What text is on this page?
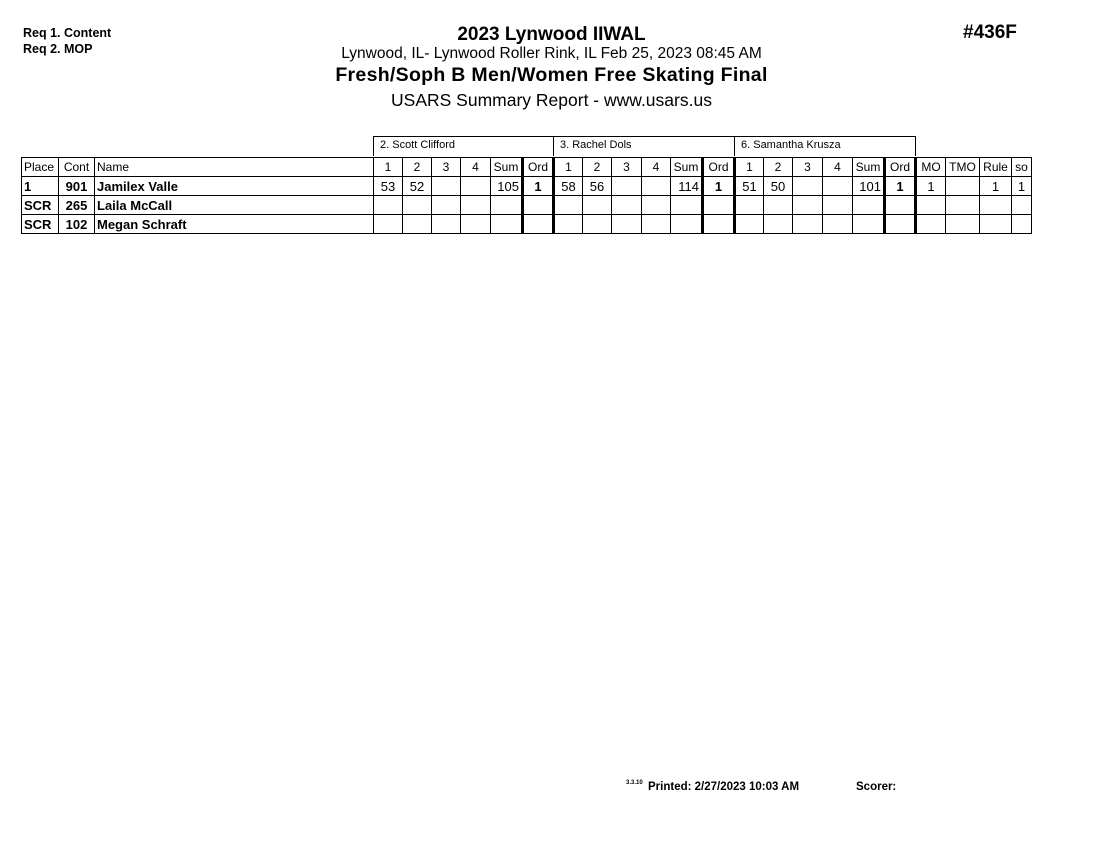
Req 1. Content
Req 2. MOP
#436F
2023 Lynwood IIWAL
Lynwood, IL- Lynwood Roller Rink, IL Feb 25, 2023 08:45 AM
Fresh/Soph B Men/Women Free Skating Final
USARS Summary Report - www.usars.us
2. Scott Clifford	3. Rachel Dols	6. Samantha Krusza
Place	Cont	Name	1	2	3	4	Sum	Ord	1	2	3	4	Sum	Ord	1	2	3	4	Sum	Ord	MO	TMO	Rule	so
1	901	Jamilex Valle	53	52			105	1	58	56			114	1	51	50			101	1	1		1	1
SCR	265	Laila McCall																						
SCR	102	Megan Schraft																						
3.3.10 Printed: 2/27/2023 10:03 AM	Scorer:
